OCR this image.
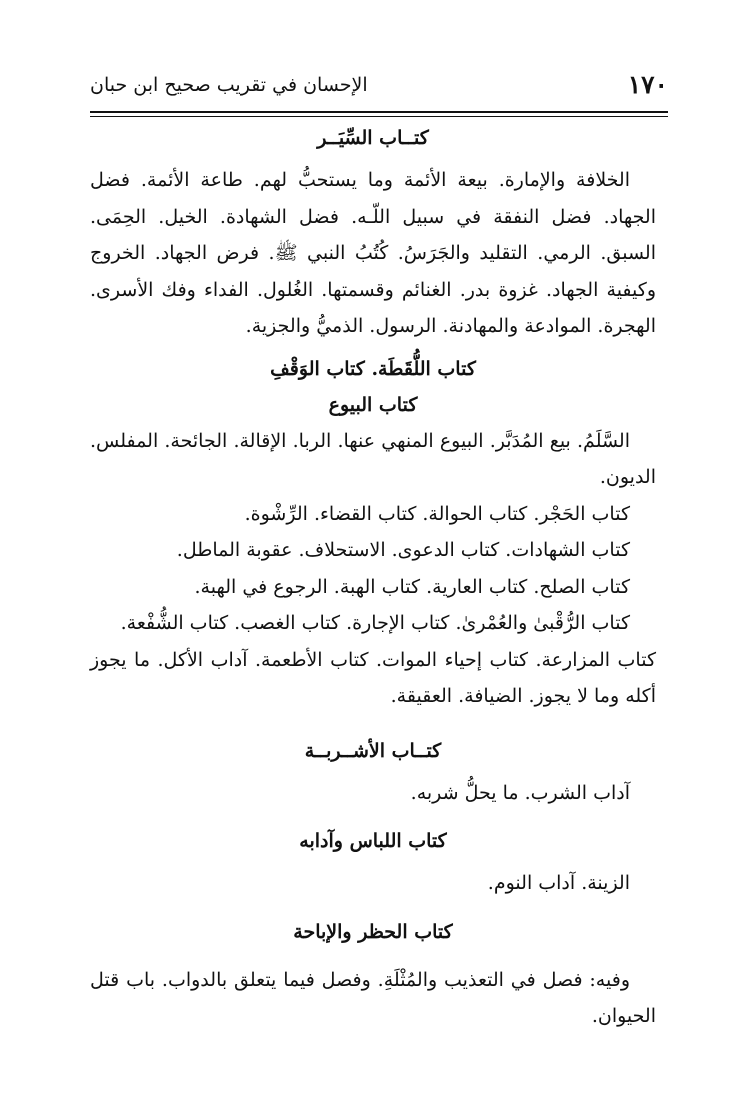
١٧٠
الإحسان في تقريب صحيح ابن حبان
كتــاب السِّيَــر

الخلافة والإمارة. بيعة الأئمة وما يستحبُّ لهم. طاعة الأئمة. فضل الجهاد. فضل النفقة في سبيل اللّـه. فضل الشهادة. الخيل. الحِمَى. السبق. الرمي. التقليد والجَرَسُ. كُتُبُ النبي ﷺ. فرض الجهاد. الخروج وكيفية الجهاد. غزوة بدر. الغنائم وقسمتها. الغُلول. الفداء وفك الأسرى. الهجرة. الموادعة والمهادنة. الرسول. الذميُّ والجزية.

كتاب اللُّقَطَة. كتاب الوَقْفِ
كتاب البيوع

السَّلَمُ. بيع المُدَبَّر. البيوع المنهي عنها. الربا. الإقالة. الجائحة. المفلس. الديون.

كتاب الحَجْر. كتاب الحوالة. كتاب القضاء. الرِّشْوة.
كتاب الشهادات. كتاب الدعوى. الاستحلاف. عقوبة الماطل.
كتاب الصلح. كتاب العارية. كتاب الهبة. الرجوع في الهبة.
كتاب الرُّقْبىٰ والعُمْرىٰ. كتاب الإجارة. كتاب الغصب. كتاب الشُّفْعة.

كتاب المزارعة. كتاب إحياء الموات. كتاب الأطعمة. آداب الأكل. ما يجوز أكله وما لا يجوز. الضيافة. العقيقة.

كتــاب الأشــربــة
آداب الشرب. ما يحلُّ شربه.
كتاب اللباس وآدابه
الزينة. آداب النوم.
كتاب الحظر والإباحة

وفيه: فصل في التعذيب والمُثْلَةِ. وفصل فيما يتعلق بالدواب. باب قتل الحيوان.
